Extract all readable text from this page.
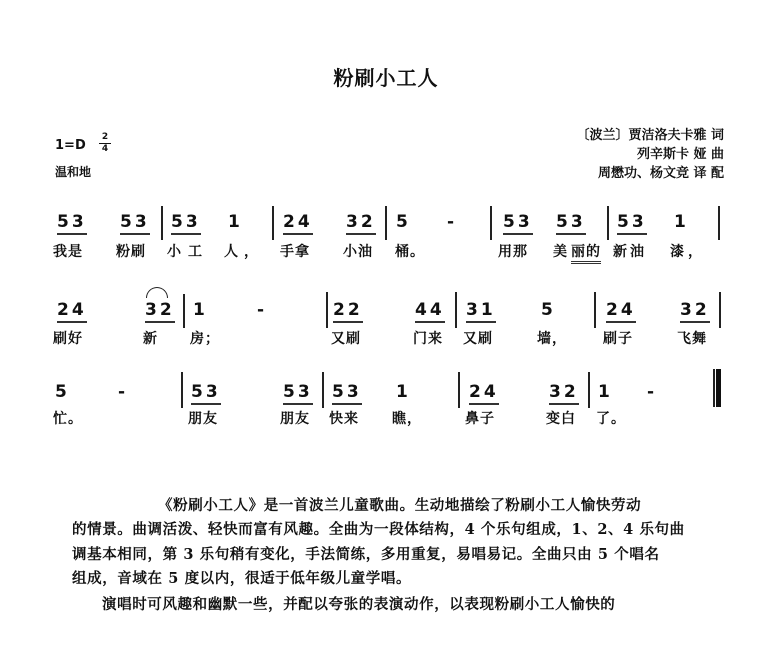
粉刷小工人
1=D
2
4
温和地
〔波兰〕贾洁洛夫卡雅 词
列辛斯卡 娅 曲
周懋功、杨文竞 译 配
53 53 53 1 24 32 5 -	53 53 53 1
我是 粉刷 小工 人， 手拿 小油 桶。	用那 美 丽的 新油 漆，
24	32 1	-	22	44 31	5	24	32
刷好	新 房；	又刷	门来 又刷	墙，	刷子	飞舞
5	-	53	53 53 1	24	32 1 -
忙。	朋友	朋友 快来 瞧，	鼻子	变白 了。
《粉刷小工人》是一首波兰儿童歌曲。生动地描绘了粉刷小工人愉快劳动
的情景。曲调活泼、轻快而富有风趣。全曲为一段体结构，4 个乐句组成，1、2、4 乐句曲
调基本相同，第 3 乐句稍有变化，手法简练，多用重复，易唱易记。全曲只由 5 个唱名
组成，音域在 5 度以内，很适于低年级儿童学唱。
演唱时可风趣和幽默一些，并配以夸张的表演动作，以表现粉刷小工人愉快的
